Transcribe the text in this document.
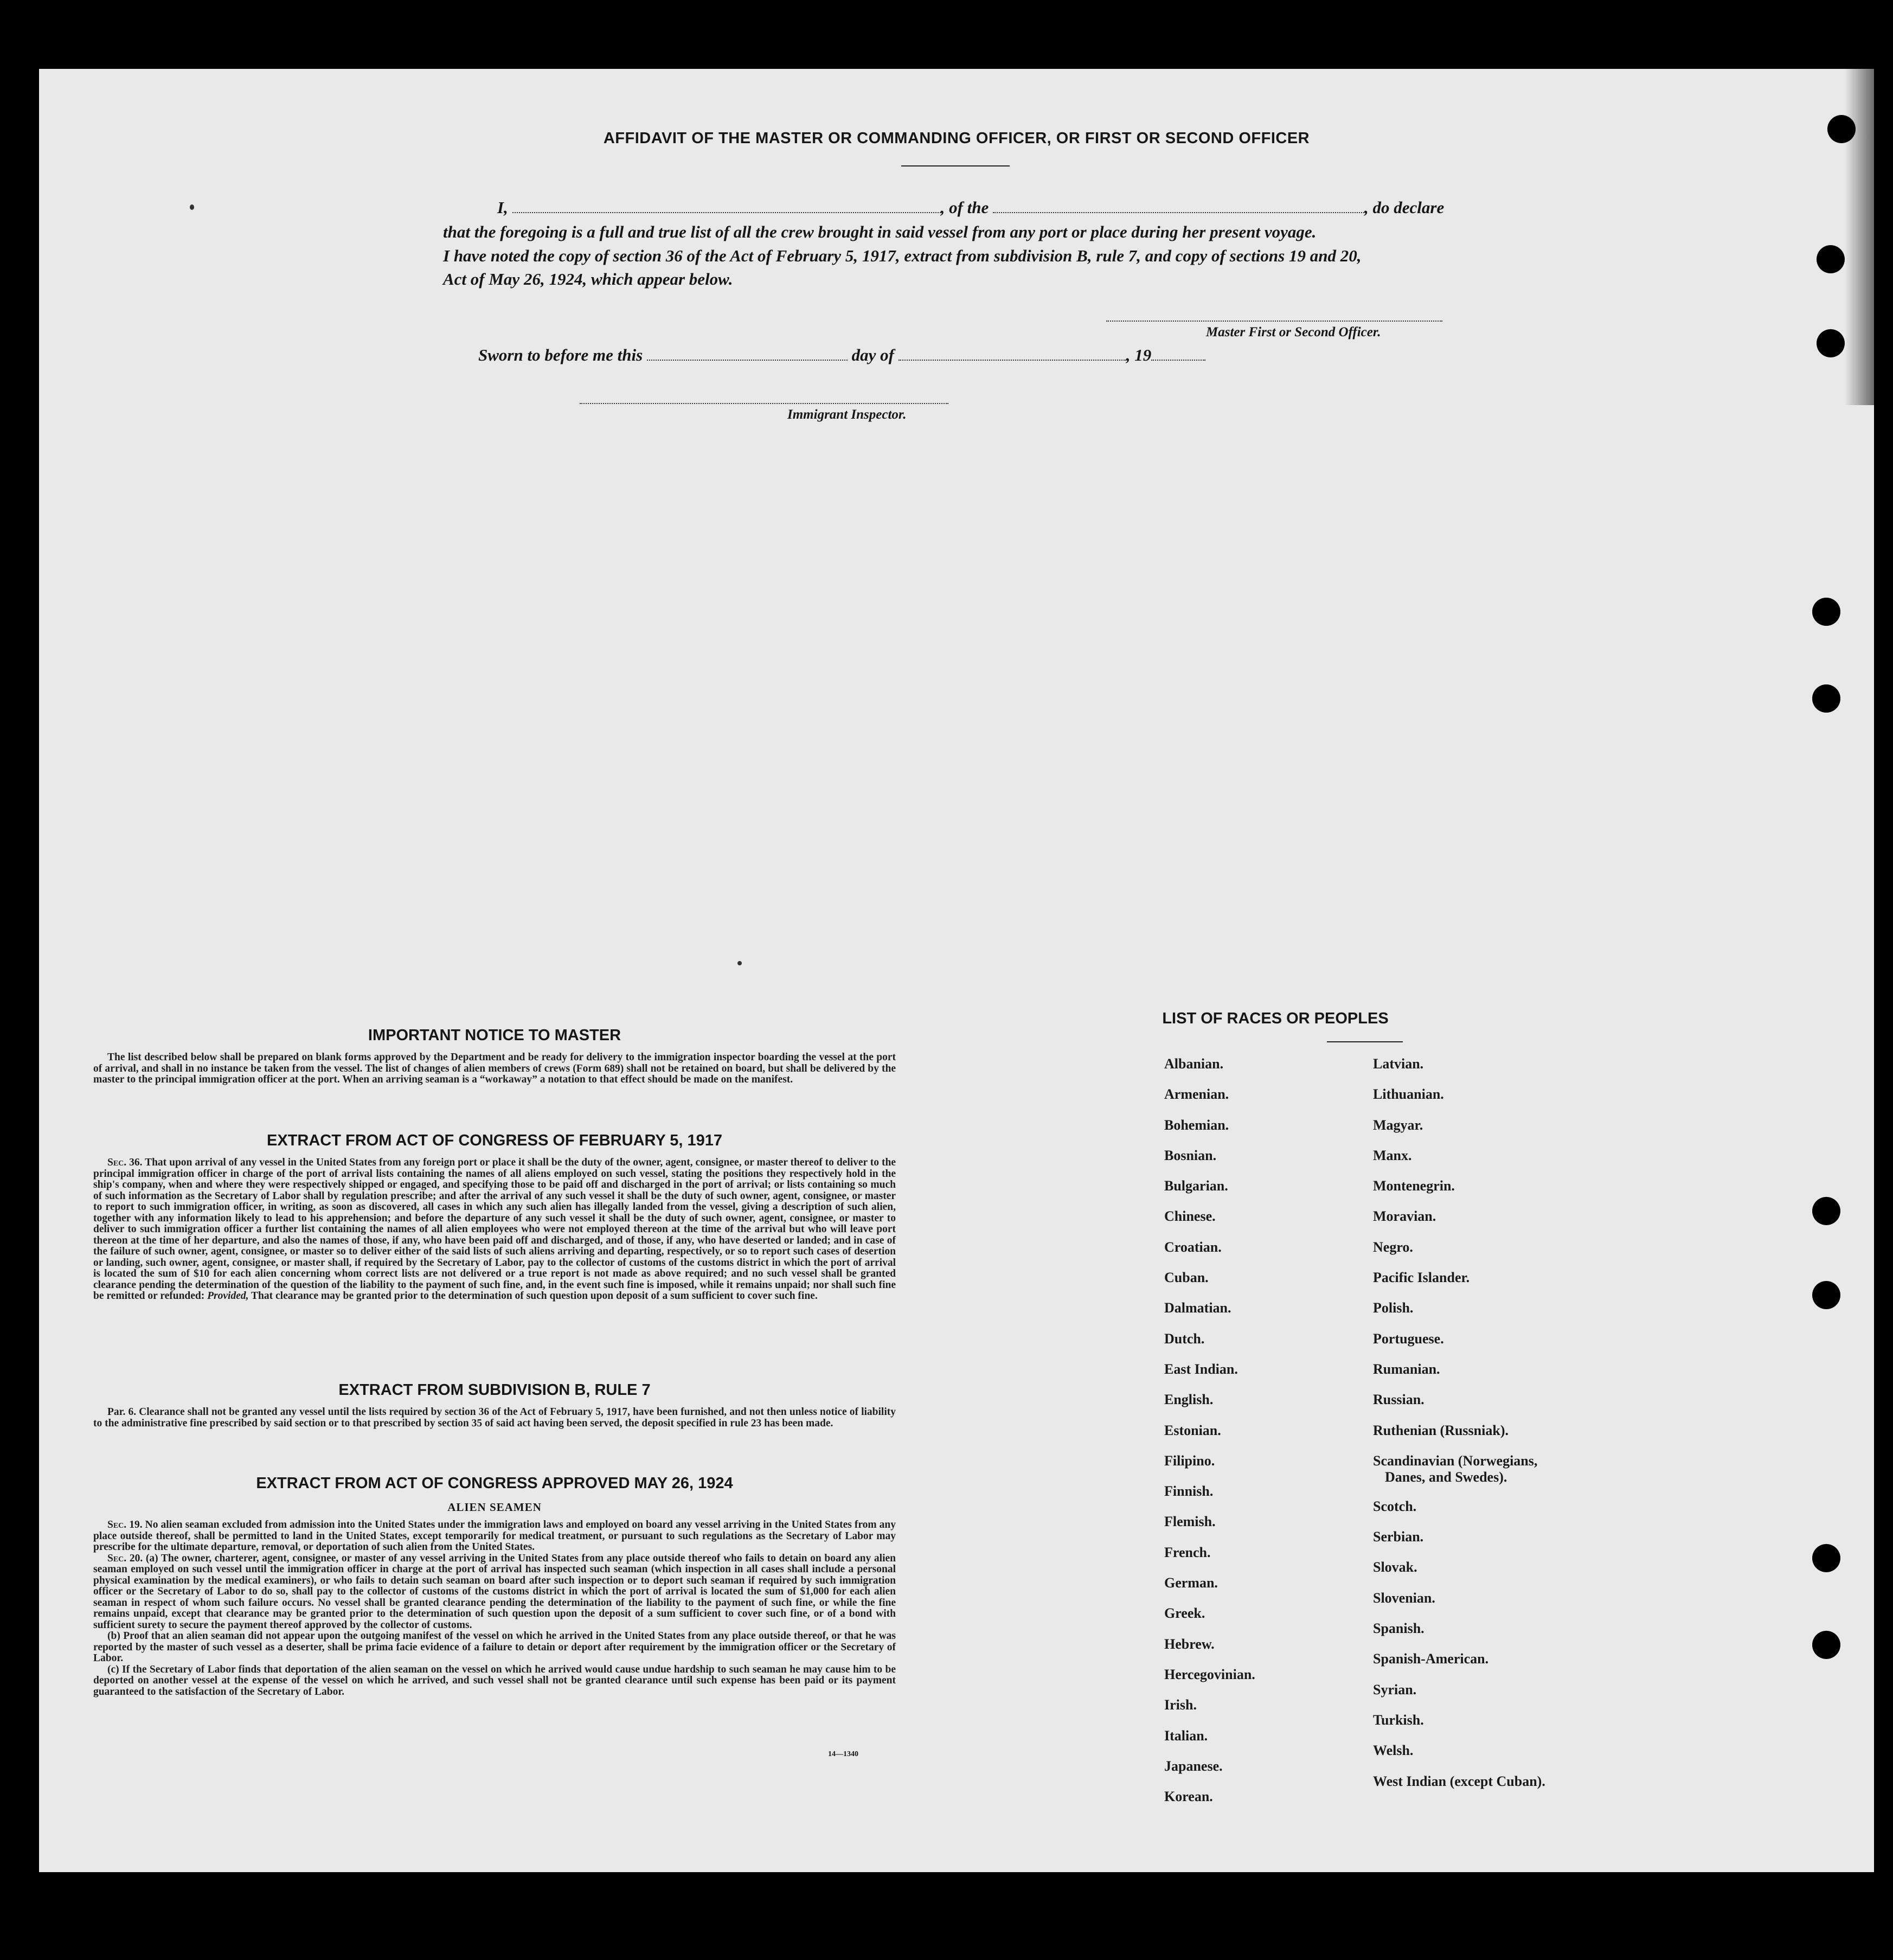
AFFIDAVIT OF THE MASTER OR COMMANDING OFFICER, OR FIRST OR SECOND OFFICER
I,	, of the	, do declare
that the foregoing is a full and true list of all the crew brought in said vessel from any port or place during her present voyage.
I have noted the copy of section 36 of the Act of February 5, 1917, extract from subdivision B, rule 7, and copy of sections 19 and 20,
Act of May 26, 1924, which appear below.
Master First or Second Officer.
Sworn to before me this	day of	, 19
Immigrant Inspector.
IMPORTANT NOTICE TO MASTER

The list described below shall be prepared on blank forms approved by the Department and be ready for delivery to the immigration inspector boarding the vessel at the port of arrival, and shall in no instance be taken from the vessel. The list of changes of alien members of crews (Form 689) shall not be retained on board, but shall be delivered by the master to the principal immigration officer at the port. When an arriving seaman is a “workaway” a notation to that effect should be made on the manifest.

EXTRACT FROM ACT OF CONGRESS OF FEBRUARY 5, 1917

Sec. 36. That upon arrival of any vessel in the United States from any foreign port or place it shall be the duty of the owner, agent, consignee, or master thereof to deliver to the principal immigration officer in charge of the port of arrival lists containing the names of all aliens employed on such vessel, stating the positions they respectively hold in the ship's company, when and where they were respectively shipped or engaged, and specifying those to be paid off and discharged in the port of arrival; or lists containing so much of such information as the Secretary of Labor shall by regulation prescribe; and after the arrival of any such vessel it shall be the duty of such owner, agent, consignee, or master to report to such immigration officer, in writing, as soon as discovered, all cases in which any such alien has illegally landed from the vessel, giving a description of such alien, together with any information likely to lead to his apprehension; and before the departure of any such vessel it shall be the duty of such owner, agent, consignee, or master to deliver to such immigration officer a further list containing the names of all alien employees who were not employed thereon at the time of the arrival but who will leave port thereon at the time of her departure, and also the names of those, if any, who have been paid off and discharged, and of those, if any, who have deserted or landed; and in case of the failure of such owner, agent, consignee, or master so to deliver either of the said lists of such aliens arriving and departing, respectively, or so to report such cases of desertion or landing, such owner, agent, consignee, or master shall, if required by the Secretary of Labor, pay to the collector of customs of the customs district in which the port of arrival is located the sum of $10 for each alien concerning whom correct lists are not delivered or a true report is not made as above required; and no such vessel shall be granted clearance pending the determination of the question of the liability to the payment of such fine, and, in the event such fine is imposed, while it remains unpaid; nor shall such fine be remitted or refunded: Provided, That clearance may be granted prior to the determination of such question upon deposit of a sum sufficient to cover such fine.

EXTRACT FROM SUBDIVISION B, RULE 7

Par. 6. Clearance shall not be granted any vessel until the lists required by section 36 of the Act of February 5, 1917, have been furnished, and not then unless notice of liability to the administrative fine prescribed by said section or to that prescribed by section 35 of said act having been served, the deposit specified in rule 23 has been made.

EXTRACT FROM ACT OF CONGRESS APPROVED MAY 26, 1924
ALIEN SEAMEN

Sec. 19. No alien seaman excluded from admission into the United States under the immigration laws and employed on board any vessel arriving in the United States from any place outside thereof, shall be permitted to land in the United States, except temporarily for medical treatment, or pursuant to such regulations as the Secretary of Labor may prescribe for the ultimate departure, removal, or deportation of such alien from the United States.

Sec. 20. (a) The owner, charterer, agent, consignee, or master of any vessel arriving in the United States from any place outside thereof who fails to detain on board any alien seaman employed on such vessel until the immigration officer in charge at the port of arrival has inspected such seaman (which inspection in all cases shall include a personal physical examination by the medical examiners), or who fails to detain such seaman on board after such inspection or to deport such seaman if required by such immigration officer or the Secretary of Labor to do so, shall pay to the collector of customs of the customs district in which the port of arrival is located the sum of $1,000 for each alien seaman in respect of whom such failure occurs. No vessel shall be granted clearance pending the determination of the liability to the payment of such fine, or while the fine remains unpaid, except that clearance may be granted prior to the determination of such question upon the deposit of a sum sufficient to cover such fine, or of a bond with sufficient surety to secure the payment thereof approved by the collector of customs.

(b) Proof that an alien seaman did not appear upon the outgoing manifest of the vessel on which he arrived in the United States from any place outside thereof, or that he was reported by the master of such vessel as a deserter, shall be prima facie evidence of a failure to detain or deport after requirement by the immigration officer or the Secretary of Labor.

(c) If the Secretary of Labor finds that deportation of the alien seaman on the vessel on which he arrived would cause undue hardship to such seaman he may cause him to be deported on another vessel at the expense of the vessel on which he arrived, and such vessel shall not be granted clearance until such expense has been paid or its payment guaranteed to the satisfaction of the Secretary of Labor.

14—1340
LIST OF RACES OR PEOPLES
Albanian.
Armenian.
Bohemian.
Bosnian.
Bulgarian.
Chinese.
Croatian.
Cuban.
Dalmatian.
Dutch.
East Indian.
English.
Estonian.
Filipino.
Finnish.
Flemish.
French.
German.
Greek.
Hebrew.
Hercegovinian.
Irish.
Italian.
Japanese.
Korean.
Latvian.
Lithuanian.
Magyar.
Manx.
Montenegrin.
Moravian.
Negro.
Pacific Islander.
Polish.
Portuguese.
Rumanian.
Russian.
Ruthenian (Russniak).
Scandinavian (Norwegians,
Danes, and Swedes).
Scotch.
Serbian.
Slovak.
Slovenian.
Spanish.
Spanish-American.
Syrian.
Turkish.
Welsh.
West Indian (except Cuban).
